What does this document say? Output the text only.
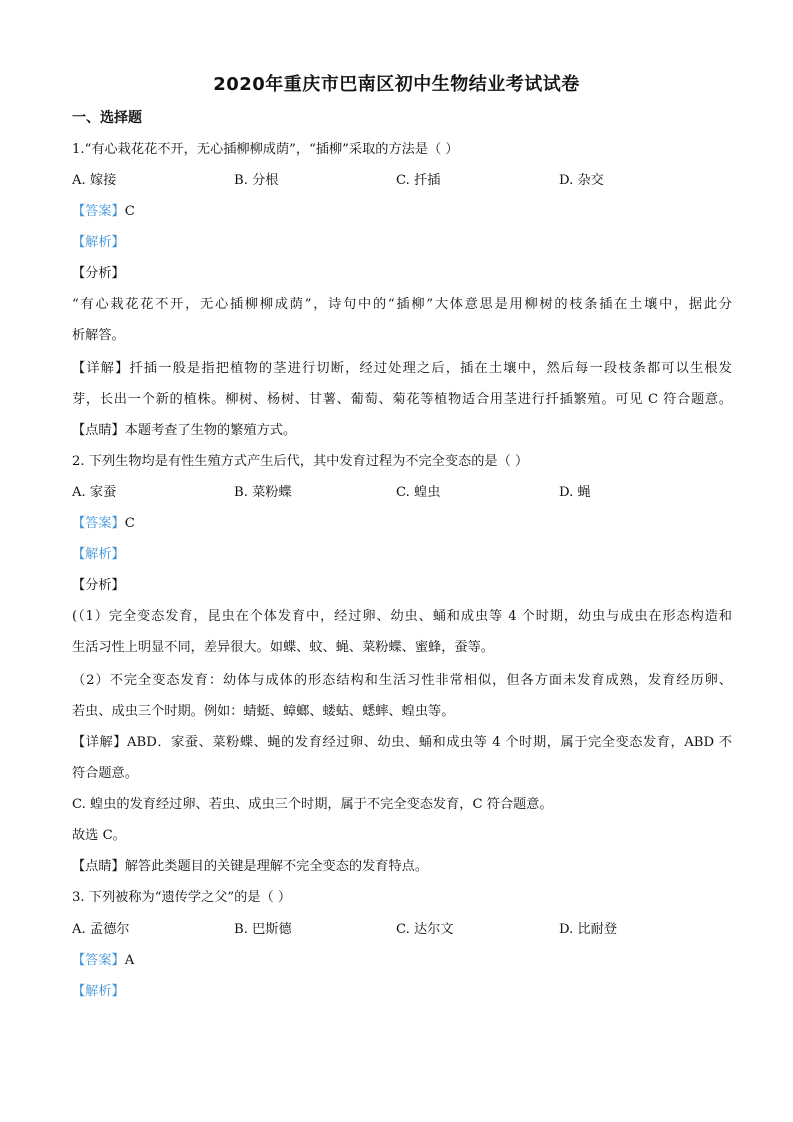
2020年重庆市巴南区初中生物结业考试试卷
一、选择题
1.“有心栽花花不开，无心插柳柳成荫”，“插柳”采取的方法是（ ）
A. 嫁接	B. 分根	C. 扦插	D. 杂交
【答案】C
【解析】
【分析】
“有心栽花花不开，无心插柳柳成荫”，诗句中的“插柳”大体意思是用柳树的枝条插在土壤中，据此分
析解答。
【详解】扦插一般是指把植物的茎进行切断，经过处理之后，插在土壤中，然后每一段枝条都可以生根发
芽，长出一个新的植株。柳树、杨树、甘薯、葡萄、菊花等植物适合用茎进行扦插繁殖。可见 C 符合题意。
【点睛】本题考查了生物的繁殖方式。
2. 下列生物均是有性生殖方式产生后代，其中发育过程为不完全变态的是（ ）
A. 家蚕	B. 菜粉蝶	C. 蝗虫	D. 蝇
【答案】C
【解析】
【分析】
(（1）完全变态发育，昆虫在个体发育中，经过卵、幼虫、蛹和成虫等 4 个时期，幼虫与成虫在形态构造和
生活习性上明显不同，差异很大。如蝶、蚊、蝇、菜粉蝶、蜜蜂，蚕等。
（2）不完全变态发育：幼体与成体的形态结构和生活习性非常相似，但各方面未发育成熟，发育经历卵、
若虫、成虫三个时期。例如：蜻蜓、蟑螂、蝼蛄、蟋蟀、蝗虫等。
【详解】ABD．家蚕、菜粉蝶、蝇的发育经过卵、幼虫、蛹和成虫等 4 个时期，属于完全变态发育，ABD 不
符合题意。
C. 蝗虫的发育经过卵、若虫、成虫三个时期，属于不完全变态发育，C 符合题意。
故选 C。
【点睛】解答此类题目的关键是理解不完全变态的发育特点。
3. 下列被称为“遗传学之父”的是（ ）
A. 孟德尔	B. 巴斯德	C. 达尔文	D. 比耐登
【答案】A
【解析】
